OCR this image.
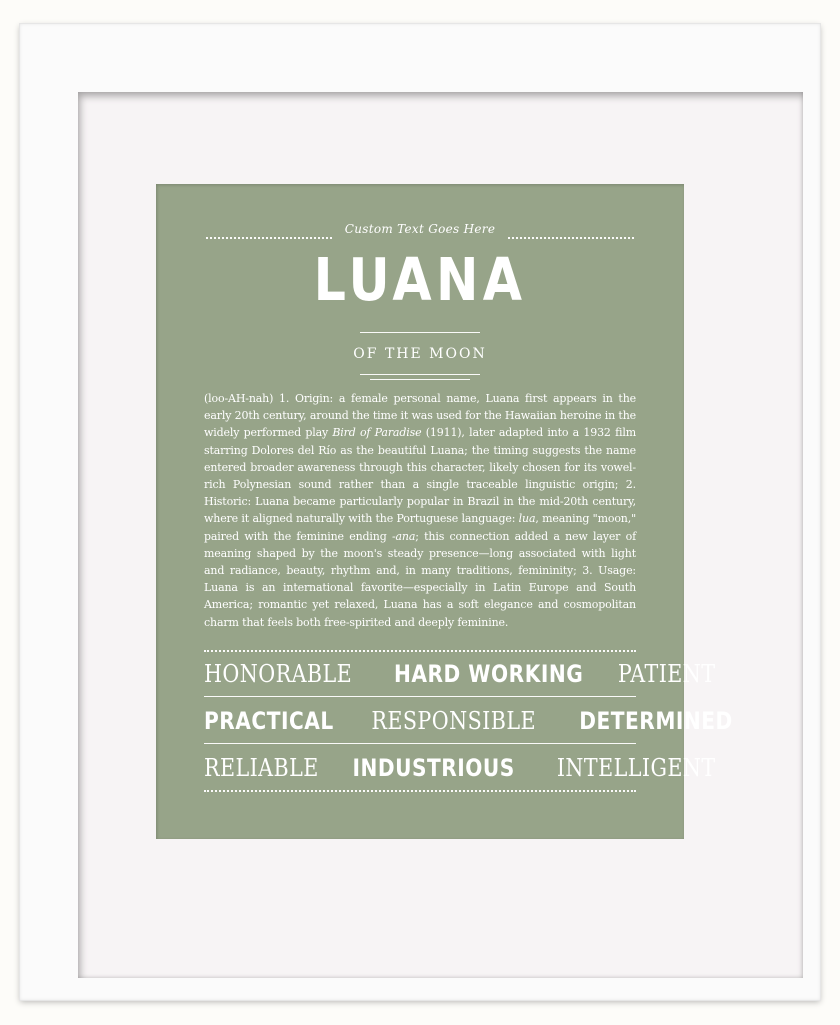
Custom Text Goes Here
LUANA
OF THE MOON
(loo-AH-nah) 1. Origin: a female personal name, Luana first appears in the early 20th century, around the time it was used for the Hawaiian heroine in the widely performed play Bird of Paradise (1911), later adapted into a 1932 film starring Dolores del Río as the beautiful Luana; the timing suggests the name entered broader awareness through this character, likely chosen for its vowel-rich Polynesian sound rather than a single traceable linguistic origin; 2. Historic: Luana became particularly popular in Brazil in the mid-20th century, where it aligned naturally with the Portuguese language: lua, meaning "moon," paired with the feminine ending -ana; this connection added a new layer of meaning shaped by the moon's steady presence—long associated with light and radiance, beauty, rhythm and, in many traditions, femininity; 3. Usage: Luana is an international favorite—especially in Latin Europe and South America; romantic yet relaxed, Luana has a soft elegance and cosmopolitan charm that feels both free-spirited and deeply feminine.
HONORABLE HARD WORKING PATIENT
PRACTICAL RESPONSIBLE DETERMINED
RELIABLE INDUSTRIOUS INTELLIGENT
